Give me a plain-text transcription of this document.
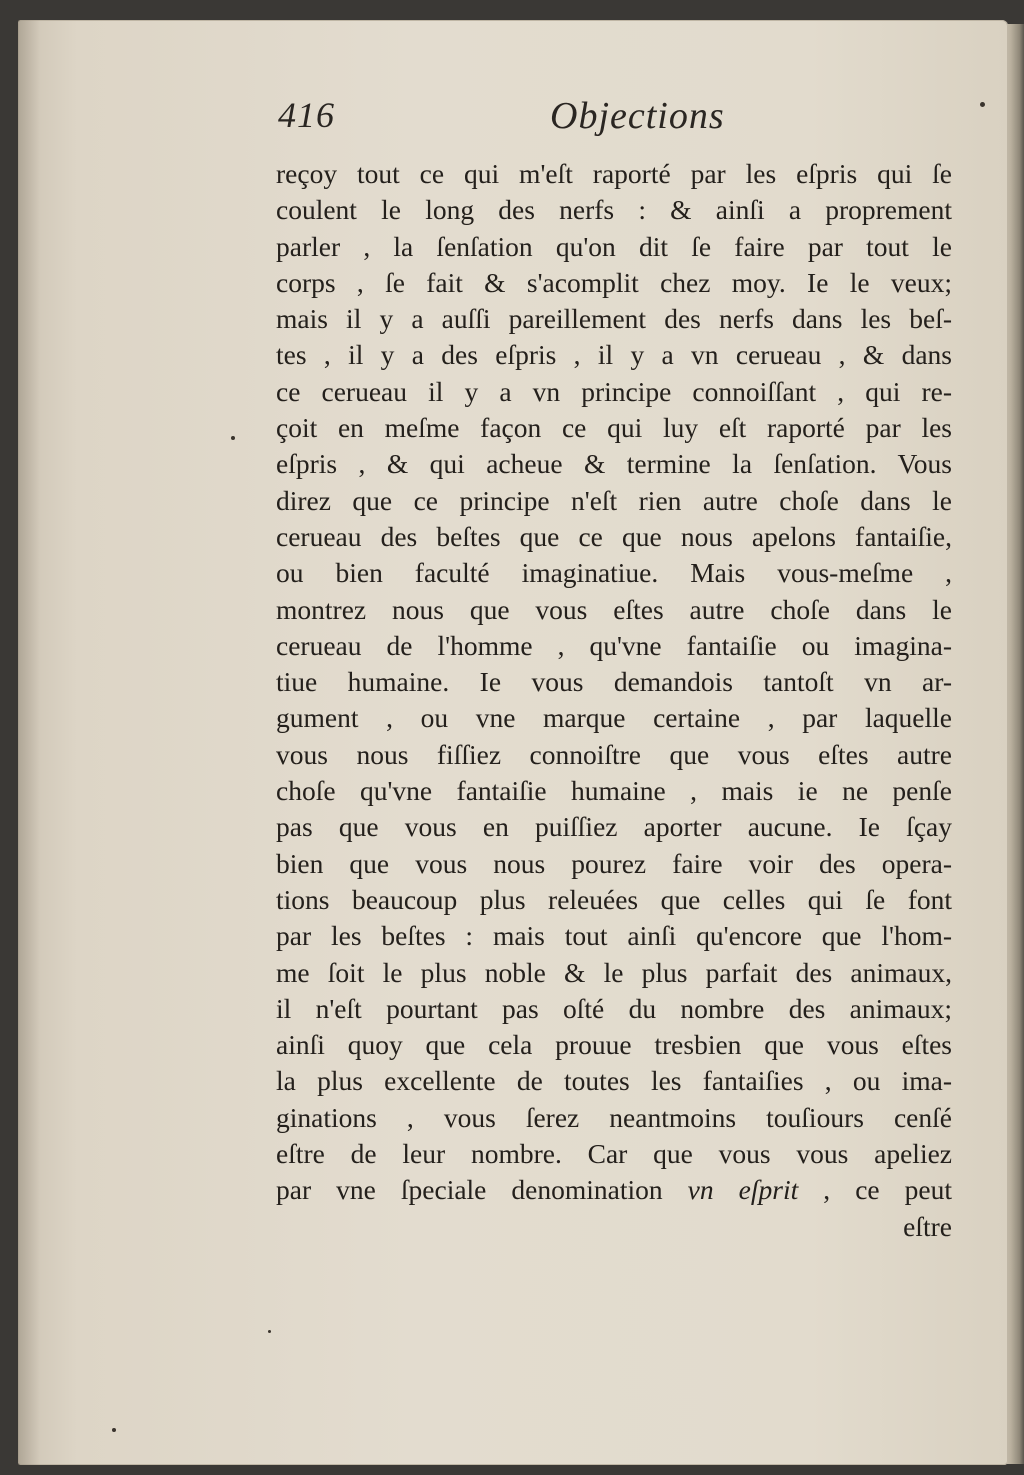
416	Objections
reçoy tout ce qui m'eſt raporté par les eſpris qui ſe
coulent le long des nerfs : & ainſi a proprement
parler , la ſenſation qu'on dit ſe faire par tout le
corps , ſe fait & s'acomplit chez moy. Ie le veux;
mais il y a auſſi pareillement des nerfs dans les beſ-
tes , il y a des eſpris , il y a vn cerueau , & dans
ce cerueau il y a vn principe connoiſſant , qui re-
çoit en meſme façon ce qui luy eſt raporté par les
eſpris , & qui acheue & termine la ſenſation. Vous
direz que ce principe n'eſt rien autre choſe dans le
cerueau des beſtes que ce que nous apelons fantaiſie,
ou bien faculté imaginatiue. Mais vous-meſme ,
montrez nous que vous eſtes autre choſe dans le
cerueau de l'homme , qu'vne fantaiſie ou imagina-
tiue humaine. Ie vous demandois tantoſt vn ar-
gument , ou vne marque certaine , par laquelle
vous nous fiſſiez connoiſtre que vous eſtes autre
choſe qu'vne fantaiſie humaine , mais ie ne penſe
pas que vous en puiſſiez aporter aucune. Ie ſçay
bien que vous nous pourez faire voir des opera-
tions beaucoup plus releuées que celles qui ſe font
par les beſtes : mais tout ainſi qu'encore que l'hom-
me ſoit le plus noble & le plus parfait des animaux,
il n'eſt pourtant pas oſté du nombre des animaux;
ainſi quoy que cela prouue tresbien que vous eſtes
la plus excellente de toutes les fantaiſies , ou ima-
ginations , vous ſerez neantmoins touſiours cenſé
eſtre de leur nombre. Car que vous vous apeliez
par vne ſpeciale denomination vn eſprit , ce peut
eſtre
